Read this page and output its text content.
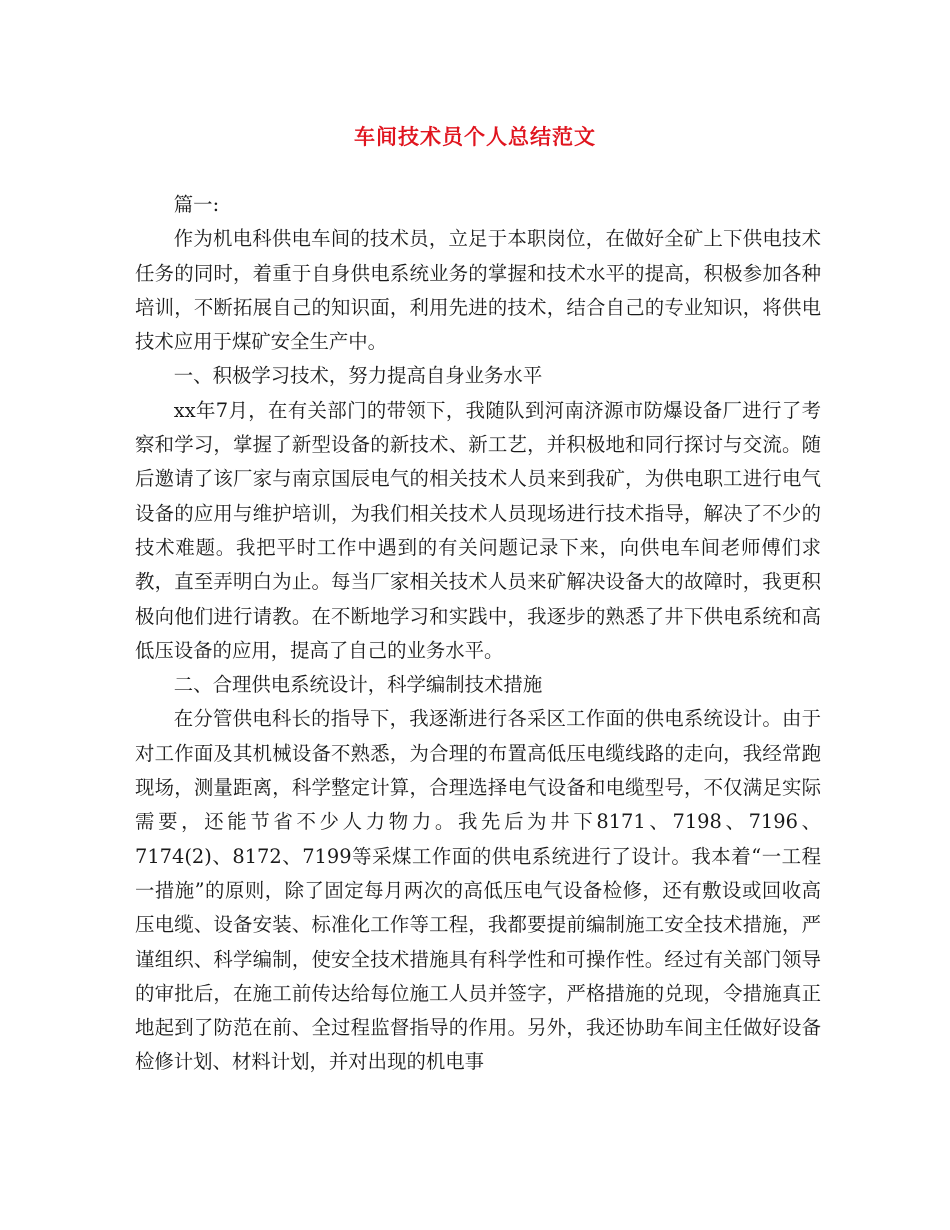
车间技术员个人总结范文

篇一:

作为机电科供电车间的技术员，立足于本职岗位，在做好全矿上下供电技术任务的同时，着重于自身供电系统业务的掌握和技术水平的提高，积极参加各种培训，不断拓展自己的知识面，利用先进的技术，结合自己的专业知识，将供电技术应用于煤矿安全生产中。

一、积极学习技术，努力提高自身业务水平

xx年7月，在有关部门的带领下，我随队到河南济源市防爆设备厂进行了考察和学习，掌握了新型设备的新技术、新工艺，并积极地和同行探讨与交流。随后邀请了该厂家与南京国辰电气的相关技术人员来到我矿，为供电职工进行电气设备的应用与维护培训，为我们相关技术人员现场进行技术指导，解决了不少的技术难题。我把平时工作中遇到的有关问题记录下来，向供电车间老师傅们求教，直至弄明白为止。每当厂家相关技术人员来矿解决设备大的故障时，我更积极向他们进行请教。在不断地学习和实践中，我逐步的熟悉了井下供电系统和高低压设备的应用，提高了自己的业务水平。

二、合理供电系统设计，科学编制技术措施

在分管供电科长的指导下，我逐渐进行各采区工作面的供电系统设计。由于对工作面及其机械设备不熟悉，为合理的布置高低压电缆线路的走向，我经常跑现场，测量距离，科学整定计算，合理选择电气设备和电缆型号，不仅满足实际需要，还能节省不少人力物力。我先后为井下8171、7198、7196、7174(2)、8172、7199等采煤工作面的供电系统进行了设计。我本着“一工程一措施”的原则，除了固定每月两次的高低压电气设备检修，还有敷设或回收高压电缆、设备安装、标准化工作等工程，我都要提前编制施工安全技术措施，严谨组织、科学编制，使安全技术措施具有科学性和可操作性。经过有关部门领导的审批后，在施工前传达给每位施工人员并签字，严格措施的兑现，令措施真正地起到了防范在前、全过程监督指导的作用。另外，我还协助车间主任做好设备检修计划、材料计划，并对出现的机电事
